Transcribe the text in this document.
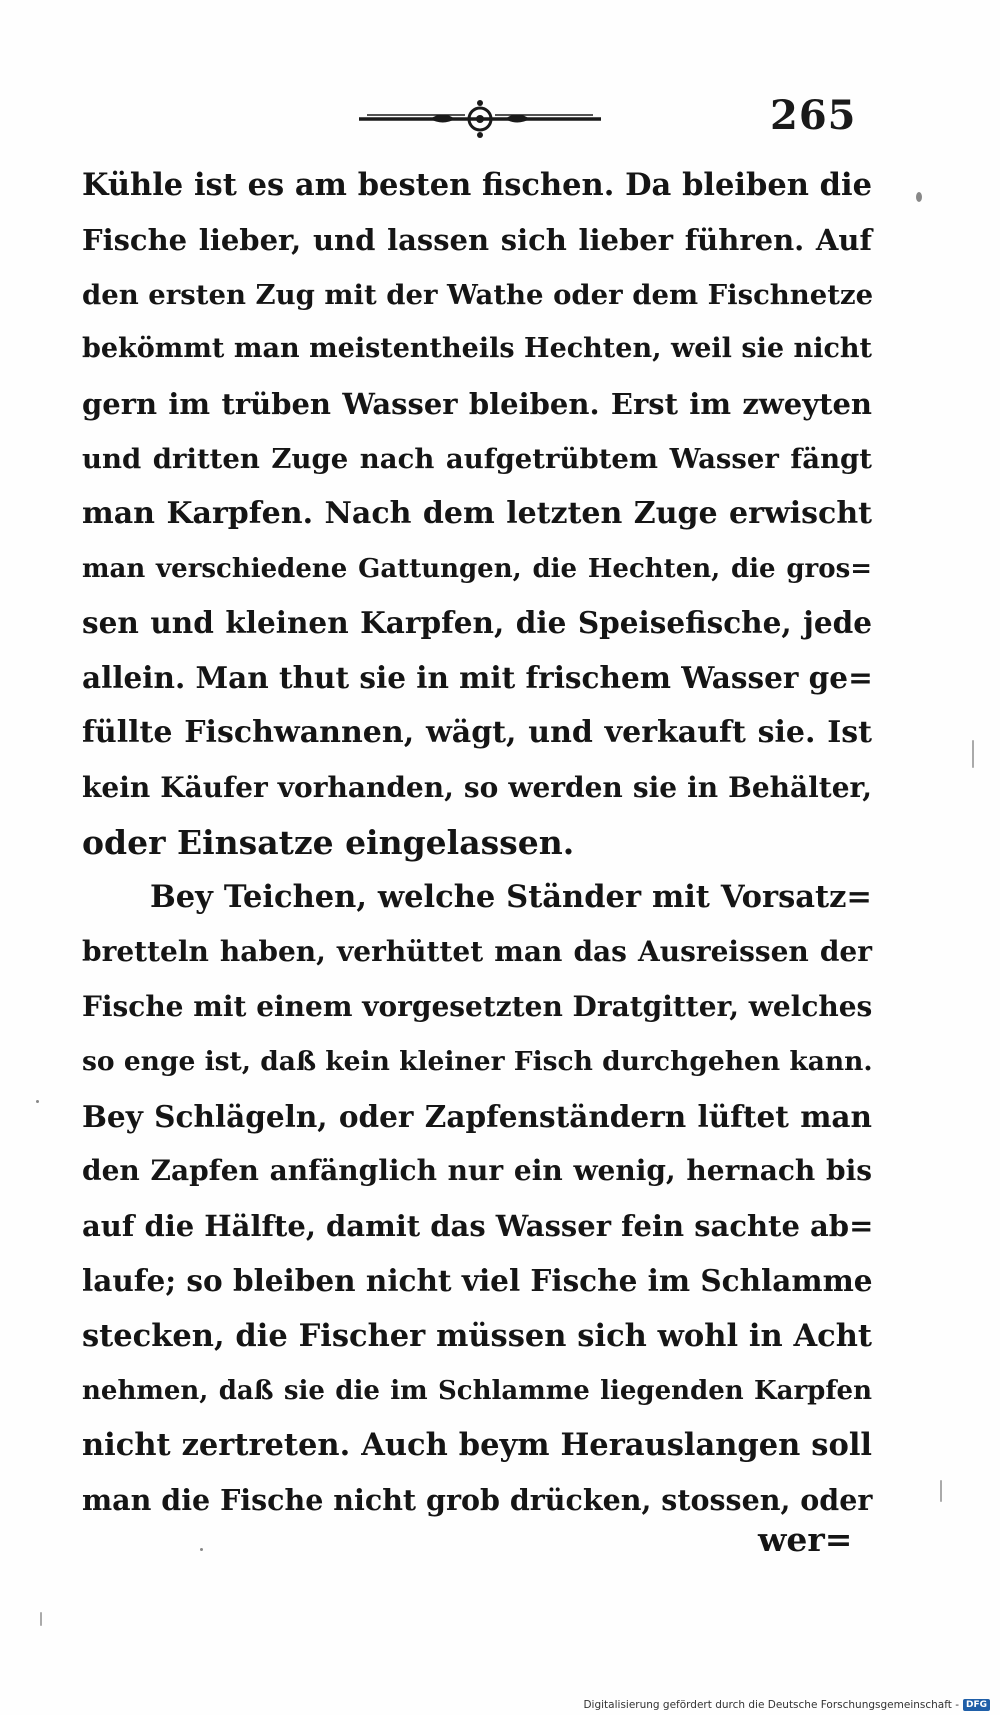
265
Kühle ist es am besten fischen. Da bleiben die
Fische lieber, und lassen sich lieber führen. Auf
den ersten Zug mit der Wathe oder dem Fischnetze
bekömmt man meistentheils Hechten, weil sie nicht
gern im trüben Wasser bleiben. Erst im zweyten
und dritten Zuge nach aufgetrübtem Wasser fängt
man Karpfen. Nach dem letzten Zuge erwischt
man verschiedene Gattungen, die Hechten, die gros=
sen und kleinen Karpfen, die Speisefische, jede
allein. Man thut sie in mit frischem Wasser ge=
füllte Fischwannen, wägt, und verkauft sie. Ist
kein Käufer vorhanden, so werden sie in Behälter,
oder Einsatze eingelassen.
Bey Teichen, welche Ständer mit Vorsatz=
bretteln haben, verhüttet man das Ausreissen der
Fische mit einem vorgesetzten Dratgitter, welches
so enge ist, daß kein kleiner Fisch durchgehen kann.
Bey Schlägeln, oder Zapfenständern lüftet man
den Zapfen anfänglich nur ein wenig, hernach bis
auf die Hälfte, damit das Wasser fein sachte ab=
laufe; so bleiben nicht viel Fische im Schlamme
stecken, die Fischer müssen sich wohl in Acht
nehmen, daß sie die im Schlamme liegenden Karpfen
nicht zertreten. Auch beym Herauslangen soll
man die Fische nicht grob drücken, stossen, oder
wer=
Digitalisierung gefördert durch die Deutsche Forschungsgemeinschaft - DFG
